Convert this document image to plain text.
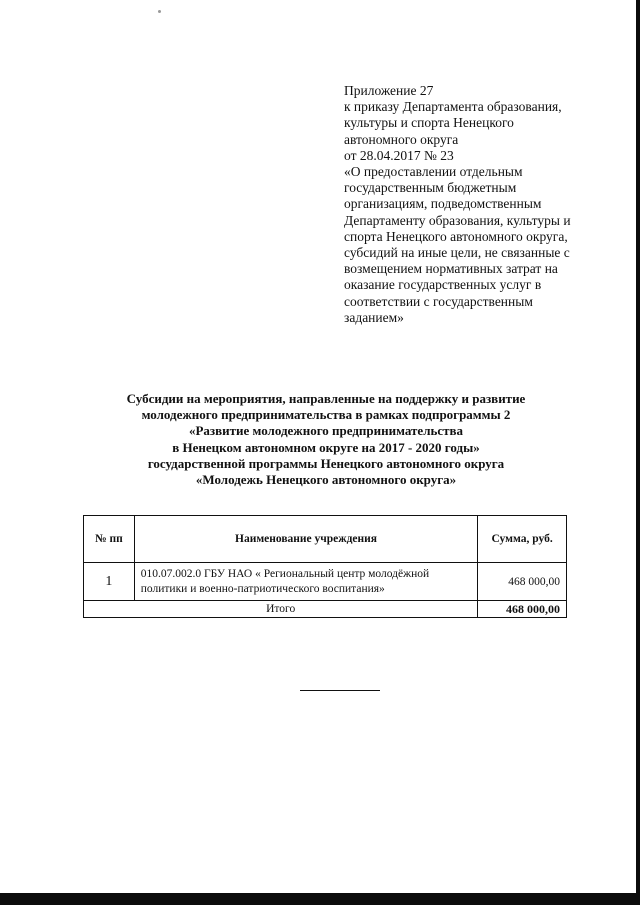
Приложение 27
к приказу Департамента образования,
культуры и спорта Ненецкого
автономного округа
от 28.04.2017 № 23
«О предоставлении отдельным
государственным бюджетным
организациям, подведомственным
Департаменту образования, культуры и
спорта Ненецкого автономного округа,
субсидий на иные цели, не связанные с
возмещением нормативных затрат на
оказание государственных услуг в
соответствии с государственным
заданием»
Субсидии на мероприятия, направленные на поддержку и развитие
молодежного предпринимательства в рамках подпрограммы 2
«Развитие молодежного предпринимательства
в Ненецком автономном округе на 2017 - 2020 годы»
государственной программы Ненецкого автономного округа
«Молодежь Ненецкого автономного округа»
№ пп	Наименование учреждения	Сумма, руб.
1	010.07.002.0 ГБУ НАО « Региональный центр молодёжной
политики и военно-патриотического воспитания»	468 000,00
Итого		468 000,00
